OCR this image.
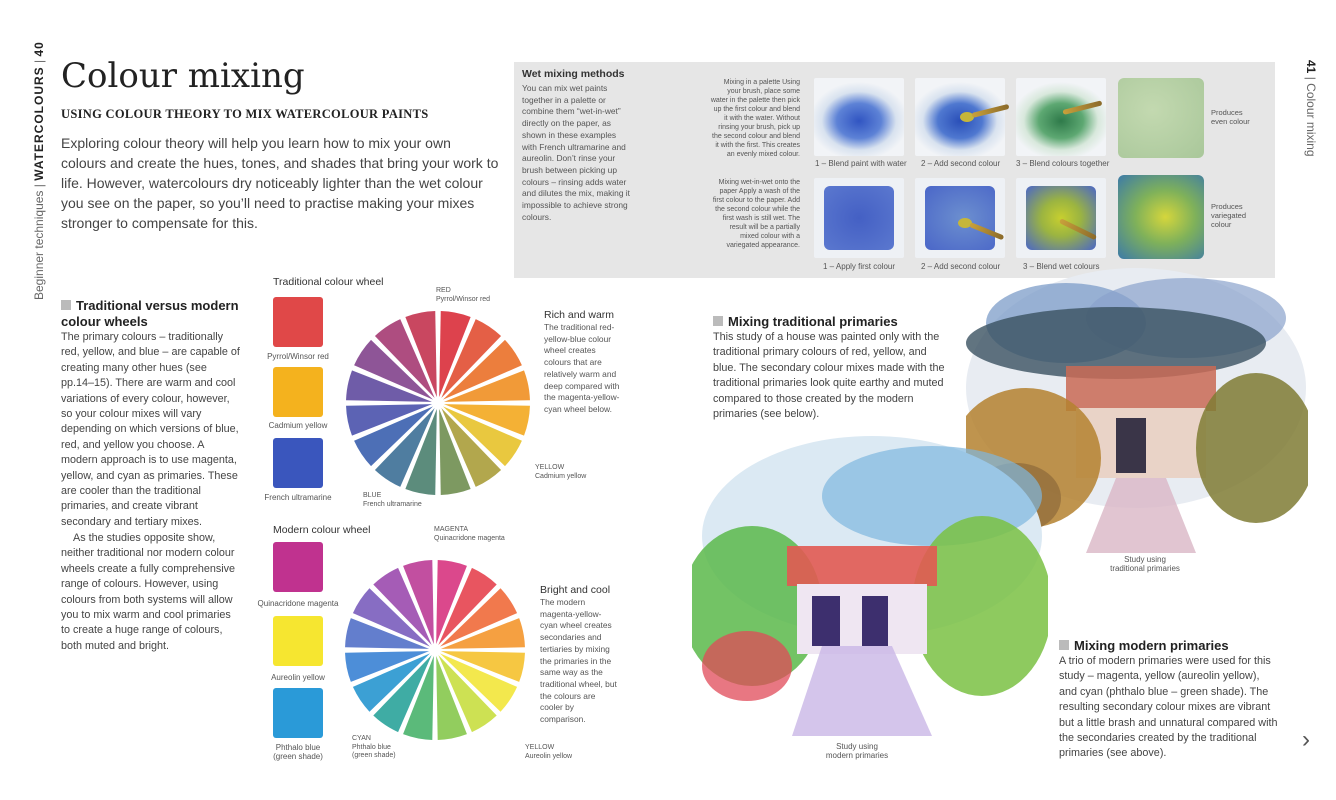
Beginner techniques | WATERCOLOURS | 40
41 | Colour mixing
Colour mixing
USING COLOUR THEORY TO MIX WATERCOLOUR PAINTS
Exploring colour theory will help you learn how to mix your own colours and create the hues, tones, and shades that bring your work to life. However, watercolours dry noticeably lighter than the wet colour you see on the paper, so you’ll need to practise making your mixes stronger to compensate for this.
Wet mixing methods
You can mix wet paints together in a palette or combine them “wet-in-wet” directly on the paper, as shown in these examples with French ultramarine and aureolin. Don’t rinse your brush between picking up colours – rinsing adds water and dilutes the mix, making it impossible to achieve strong colours.
Mixing in a palette Using your brush, place some water in the palette then pick up the first colour and blend it with the water. Without rinsing your brush, pick up the second colour and blend it with the first. This creates an evenly mixed colour.
Mixing wet-in-wet onto the paper Apply a wash of the first colour to the paper. Add the second colour while the first wash is still wet. The result will be a partially mixed colour with a variegated appearance.
1 – Blend paint with water 2 – Add second colour 3 – Blend colours together
Produces even colour
1 – Apply first colour	2 – Add second colour	3 – Blend wet colours
Produces variegated colour
Traditional versus modern colour wheels
The primary colours – traditionally red, yellow, and blue – are capable of creating many other hues (see pp.14–15). There are warm and cool variations of every colour, however, so your colour mixes will vary depending on which versions of blue, red, and yellow you choose. A modern approach is to use magenta, yellow, and cyan as primaries. These are cooler than the traditional primaries, and create vibrant secondary and tertiary mixes.
As the studies opposite show, neither traditional nor modern colour wheels create a fully comprehensive range of colours. However, using colours from both systems will allow you to mix warm and cool primaries to create a huge range of colours, both muted and bright.
Traditional colour wheel
Pyrrol/Winsor red
Cadmium yellow
French ultramarine
RED
Pyrrol/Winsor red
YELLOW
Cadmium yellow
BLUE
French ultramarine
Rich and warm
The traditional red-yellow-blue colour wheel creates colours that are relatively warm and deep compared with the magenta-yellow-cyan wheel below.
Modern colour wheel
Quinacridone magenta
Aureolin yellow
Phthalo blue (green shade)
MAGENTA
Quinacridone magenta
YELLOW
Aureolin yellow
CYAN
Phthalo blue (green shade)
Bright and cool
The modern magenta-yellow-cyan wheel creates secondaries and tertiaries by mixing the primaries in the same way as the traditional wheel, but the colours are cooler by comparison.
Study using traditional primaries
Mixing traditional primaries
This study of a house was painted only with the traditional primary colours of red, yellow, and blue. The secondary colour mixes made with the traditional primaries look quite earthy and muted compared to those created by the modern primaries (see below).
Study using modern primaries
Mixing modern primaries
A trio of modern primaries were used for this study – magenta, yellow (aureolin yellow), and cyan (phthalo blue – green shade). The resulting secondary colour mixes are vibrant but a little brash and unnatural compared with the secondaries created by the traditional primaries (see above).
›
